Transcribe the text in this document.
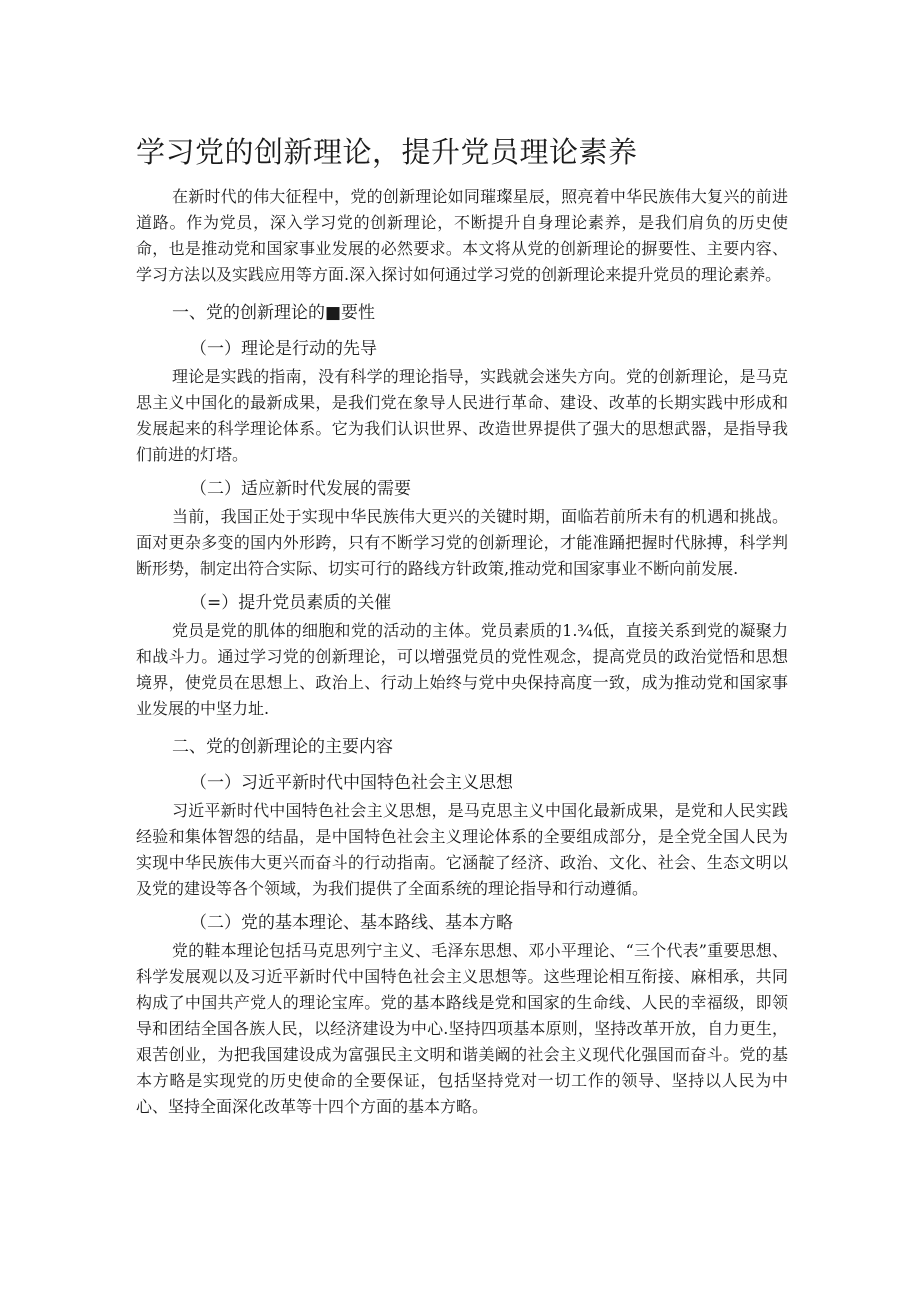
学习党的创新理论，提升党员理论素养

在新时代的伟大征程中，党的创新理论如同璀璨星辰，照亮着中华民族伟大复兴的前进道路。作为党员，深入学习党的创新理论，不断提升自身理论素养，是我们肩负的历史使命，也是推动党和国家事业发展的必然要求。本文将从党的创新理论的摒要性、主要内容、学习方法以及实践应用等方面.深入探讨如何通过学习党的创新理论来提升党员的理论素养。

一、党的创新理论的■要性
（一）理论是行动的先导

理论是实践的指南，没有科学的理论指导，实践就会迷失方向。党的创新理论，是马克思主义中国化的最新成果，是我们党在象导人民进行革命、建设、改革的长期实践中形成和发展起来的科学理论体系。它为我们认识世界、改造世界提供了强大的思想武器，是指导我们前进的灯塔。

（二）适应新时代发展的需要

当前，我国正处于实现中华民族伟大更兴的关键时期，面临若前所未有的机遇和挑战。面对更杂多变的国内外形跨，只有不断学习党的创新理论，才能准踊把握时代脉搏，科学判断形势，制定出符合实际、切实可行的路线方针政策,推动党和国家事业不断向前发展.

（=）提升党员素质的关催

党员是党的肌体的细胞和党的活动的主体。党员素质的1.¾低，直接关系到党的凝聚力和战斗力。通过学习党的创新理论，可以增强党员的党性观念，提高党员的政治觉悟和思想境界，使党员在思想上、政治上、行动上始终与党中央保持高度一致，成为推动党和国家事业发展的中坚力址.

二、党的创新理论的主要内容
（一）习近平新时代中国特色社会主义思想

习近平新时代中国特色社会主义思想，是马克思主义中国化最新成果，是党和人民实践经验和集体智怨的结晶，是中国特色社会主义理论体系的全要组成部分，是全党全国人民为实现中华民族伟大更兴而奋斗的行动指南。它涵靛了经济、政治、文化、社会、生态文明以及党的建设等各个领域，为我们提供了全面系统的理论指导和行动遵循。

（二）党的基本理论、基本路线、基本方略

党的鞋本理论包括马克思列宁主义、毛泽东思想、邓小平理论、“三个代表”重要思想、科学发展观以及习近平新时代中国特色社会主义思想等。这些理论相互衔接、麻相承，共同构成了中国共产党人的理论宝库。党的基本路线是党和国家的生命线、人民的幸福级，即领导和团结全国各族人民，以经济建设为中心.坚持四项基本原则，坚持改革开放，自力更生，艰苦创业，为把我国建设成为富强民主文明和谐美阚的社会主义现代化强国而奋斗。党的基本方略是实现党的历史使命的全要保证，包括坚持党对一切工作的领导、坚持以人民为中心、坚持全面深化改革等十四个方面的基本方略。
